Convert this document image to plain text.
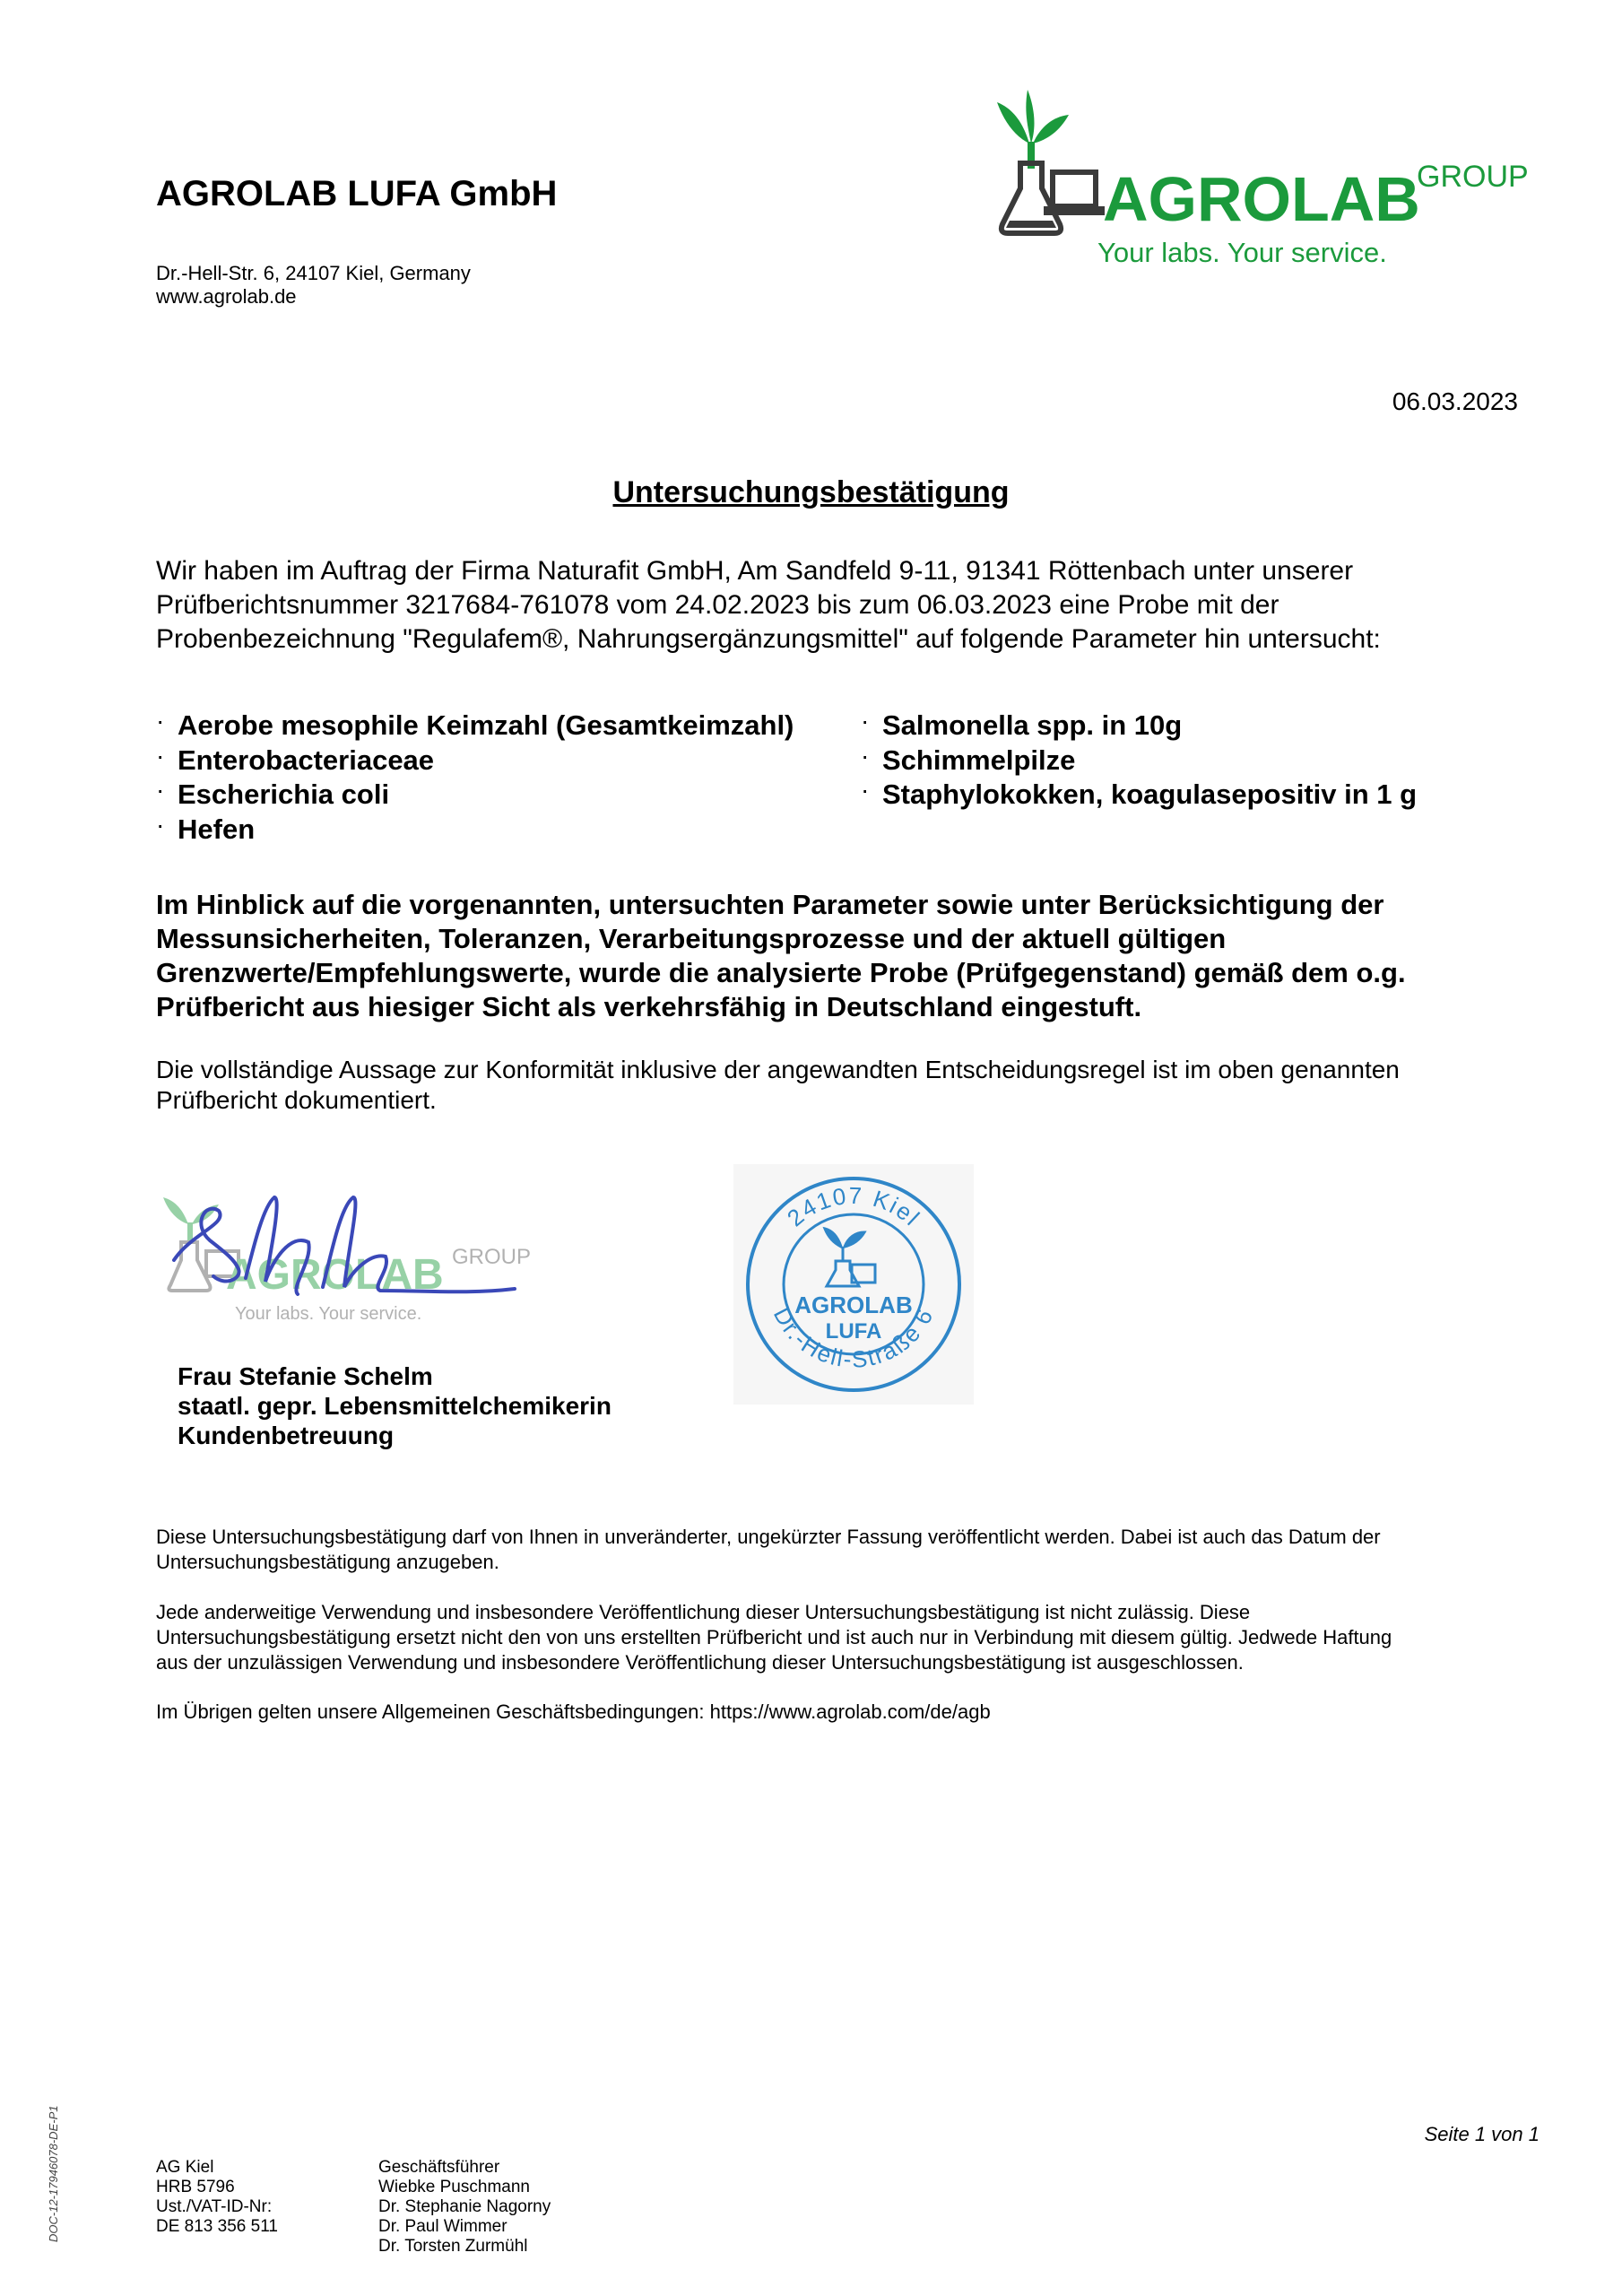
AGROLAB LUFA GmbH
Dr.-Hell-Str. 6, 24107 Kiel, Germany
www.agrolab.de
AGROLAB
GROUP
Your labs. Your service.
06.03.2023
Untersuchungsbestätigung
Wir haben im Auftrag der Firma Naturafit GmbH, Am Sandfeld 9-11, 91341 Röttenbach unter unserer
Prüfberichtsnummer 3217684-761078 vom 24.02.2023 bis zum 06.03.2023 eine Probe mit der
Probenbezeichnung "Regulafem®, Nahrungsergänzungsmittel" auf folgende Parameter hin untersucht:
· Aerobe mesophile Keimzahl (Gesamtkeimzahl)
· Enterobacteriaceae
· Escherichia coli
· Hefen
· Salmonella spp. in 10g
· Schimmelpilze
· Staphylokokken, koagulasepositiv in 1 g
Im Hinblick auf die vorgenannten, untersuchten Parameter sowie unter Berücksichtigung der
Messunsicherheiten, Toleranzen, Verarbeitungsprozesse und der aktuell gültigen
Grenzwerte/Empfehlungswerte, wurde die analysierte Probe (Prüfgegenstand) gemäß dem o.g.
Prüfbericht aus hiesiger Sicht als verkehrsfähig in Deutschland eingestuft.
Die vollständige Aussage zur Konformität inklusive der angewandten Entscheidungsregel ist im oben genannten
Prüfbericht dokumentiert.
AGROLAB GROUP
Your labs. Your service.
24107 Kiel
Dr.-Hell-Straße 6
AGROLAB
LUFA
Frau Stefanie Schelm
staatl. gepr. Lebensmittelchemikerin
Kundenbetreuung
Diese Untersuchungsbestätigung darf von Ihnen in unveränderter, ungekürzter Fassung veröffentlicht werden. Dabei ist auch das Datum der
Untersuchungsbestätigung anzugeben.
Jede anderweitige Verwendung und insbesondere Veröffentlichung dieser Untersuchungsbestätigung ist nicht zulässig. Diese
Untersuchungsbestätigung ersetzt nicht den von uns erstellten Prüfbericht und ist auch nur in Verbindung mit diesem gültig. Jedwede Haftung
aus der unzulässigen Verwendung und insbesondere Veröffentlichung dieser Untersuchungsbestätigung ist ausgeschlossen.
Im Übrigen gelten unsere Allgemeinen Geschäftsbedingungen: https://www.agrolab.com/de/agb
Seite 1 von 1
AG Kiel
HRB 5796
Ust./VAT-ID-Nr:
DE 813 356 511
Geschäftsführer
Wiebke Puschmann
Dr. Stephanie Nagorny
Dr. Paul Wimmer
Dr. Torsten Zurmühl
DOC-12-17946078-DE-P1
